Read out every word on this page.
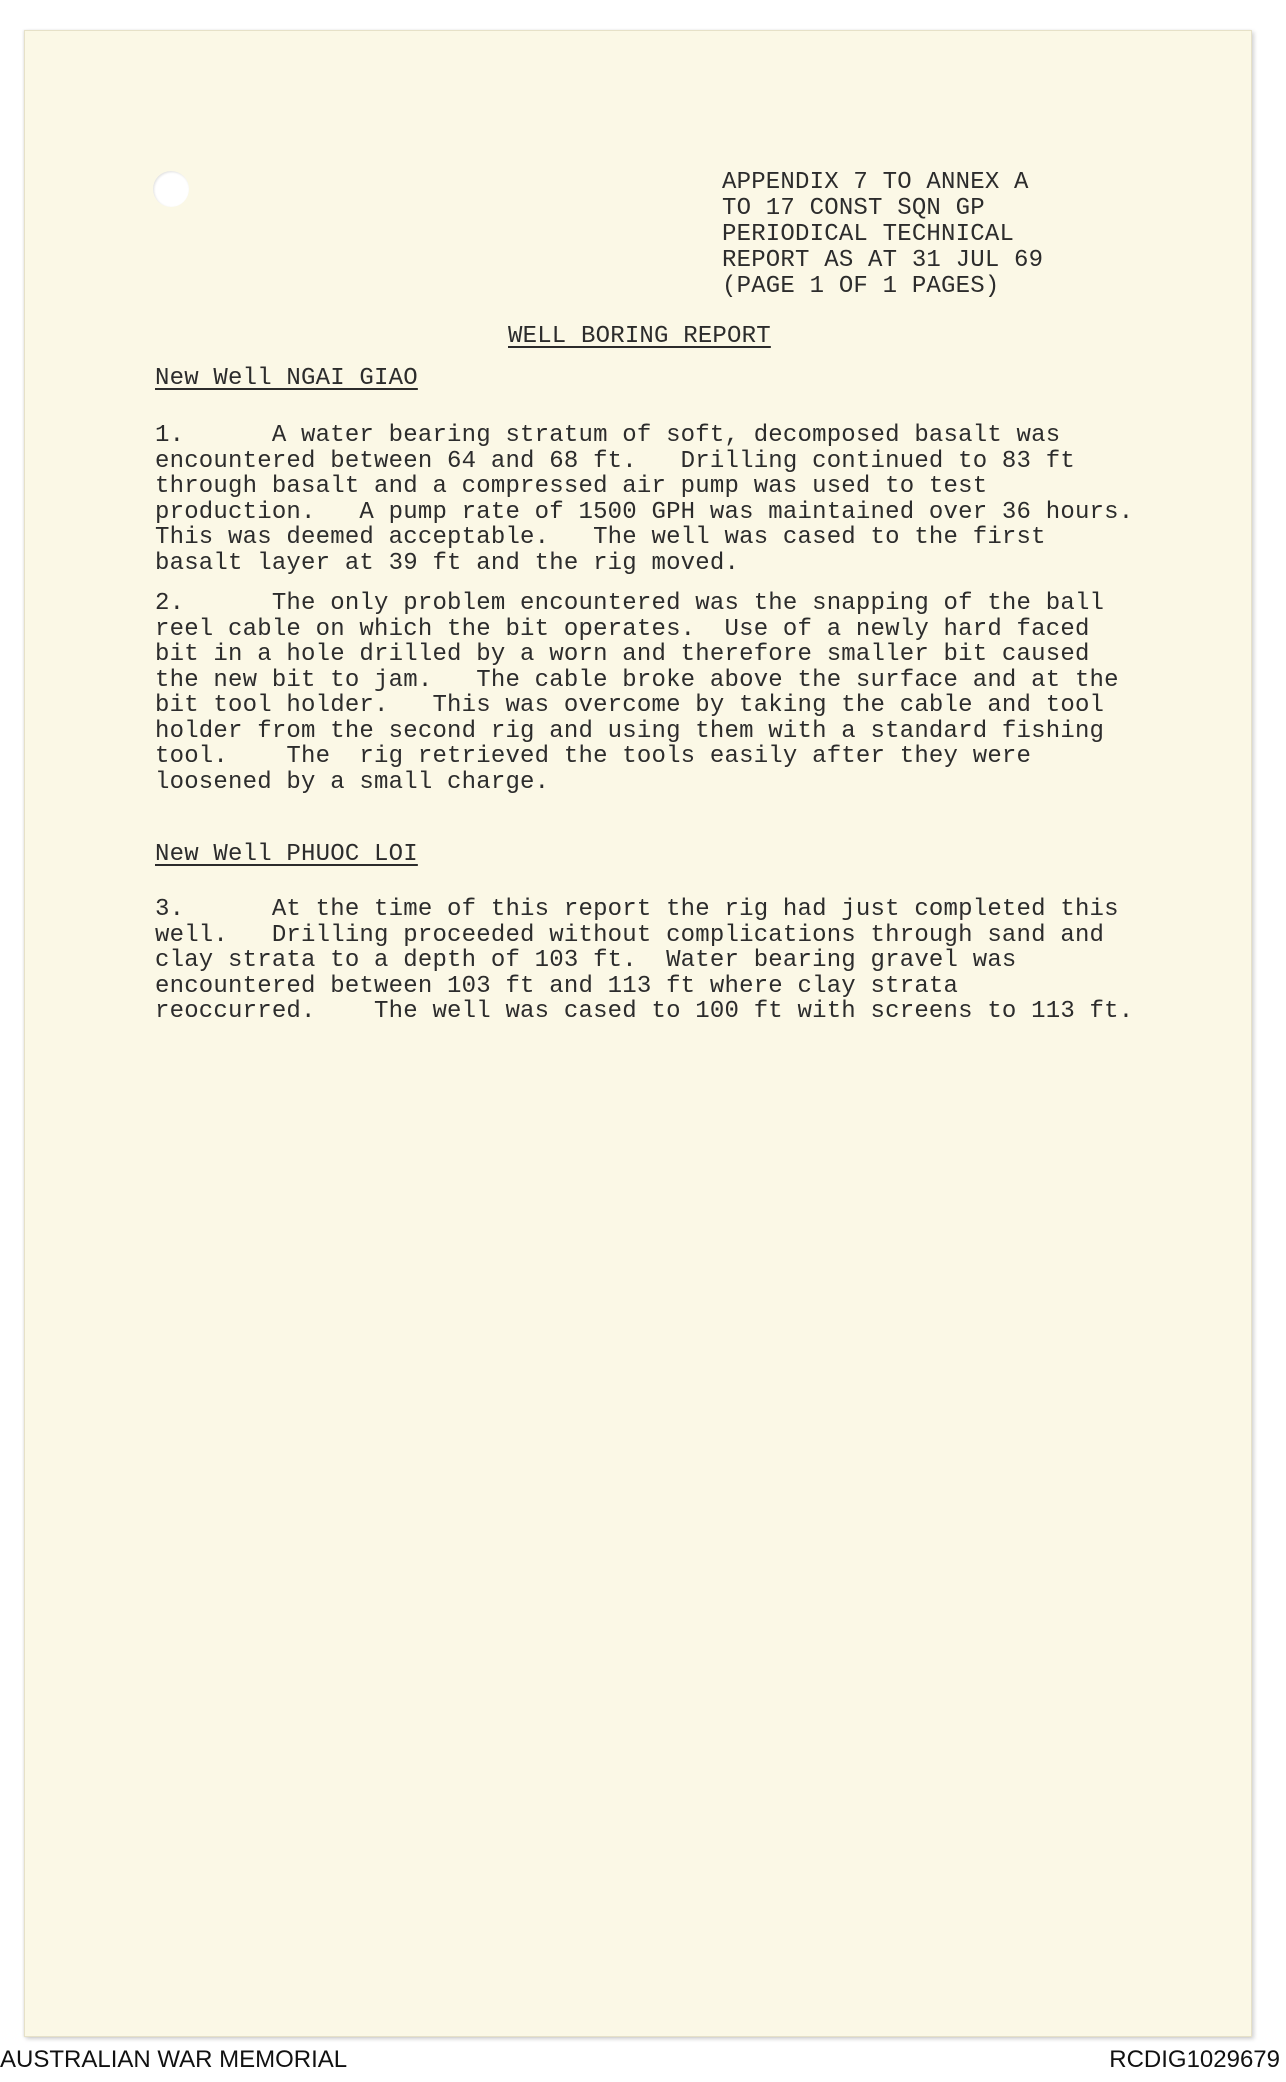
APPENDIX 7 TO ANNEX A
TO 17 CONST SQN GP
PERIODICAL TECHNICAL
REPORT AS AT 31 JUL 69
(PAGE 1 OF 1 PAGES)
WELL BORING REPORT
New Well NGAI GIAO
1.      A water bearing stratum of soft, decomposed basalt was
encountered between 64 and 68 ft.   Drilling continued to 83 ft
through basalt and a compressed air pump was used to test
production.   A pump rate of 1500 GPH was maintained over 36 hours.
This was deemed acceptable.   The well was cased to the first
basalt layer at 39 ft and the rig moved.
2.      The only problem encountered was the snapping of the ball
reel cable on which the bit operates.  Use of a newly hard faced
bit in a hole drilled by a worn and therefore smaller bit caused
the new bit to jam.   The cable broke above the surface and at the
bit tool holder.   This was overcome by taking the cable and tool
holder from the second rig and using them with a standard fishing
tool.    The  rig retrieved the tools easily after they were
loosened by a small charge.
New Well PHUOC LOI
3.      At the time of this report the rig had just completed this
well.   Drilling proceeded without complications through sand and
clay strata to a depth of 103 ft.  Water bearing gravel was
encountered between 103 ft and 113 ft where clay strata
reoccurred.    The well was cased to 100 ft with screens to 113 ft.
AUSTRALIAN WAR MEMORIAL	RCDIG1029679
